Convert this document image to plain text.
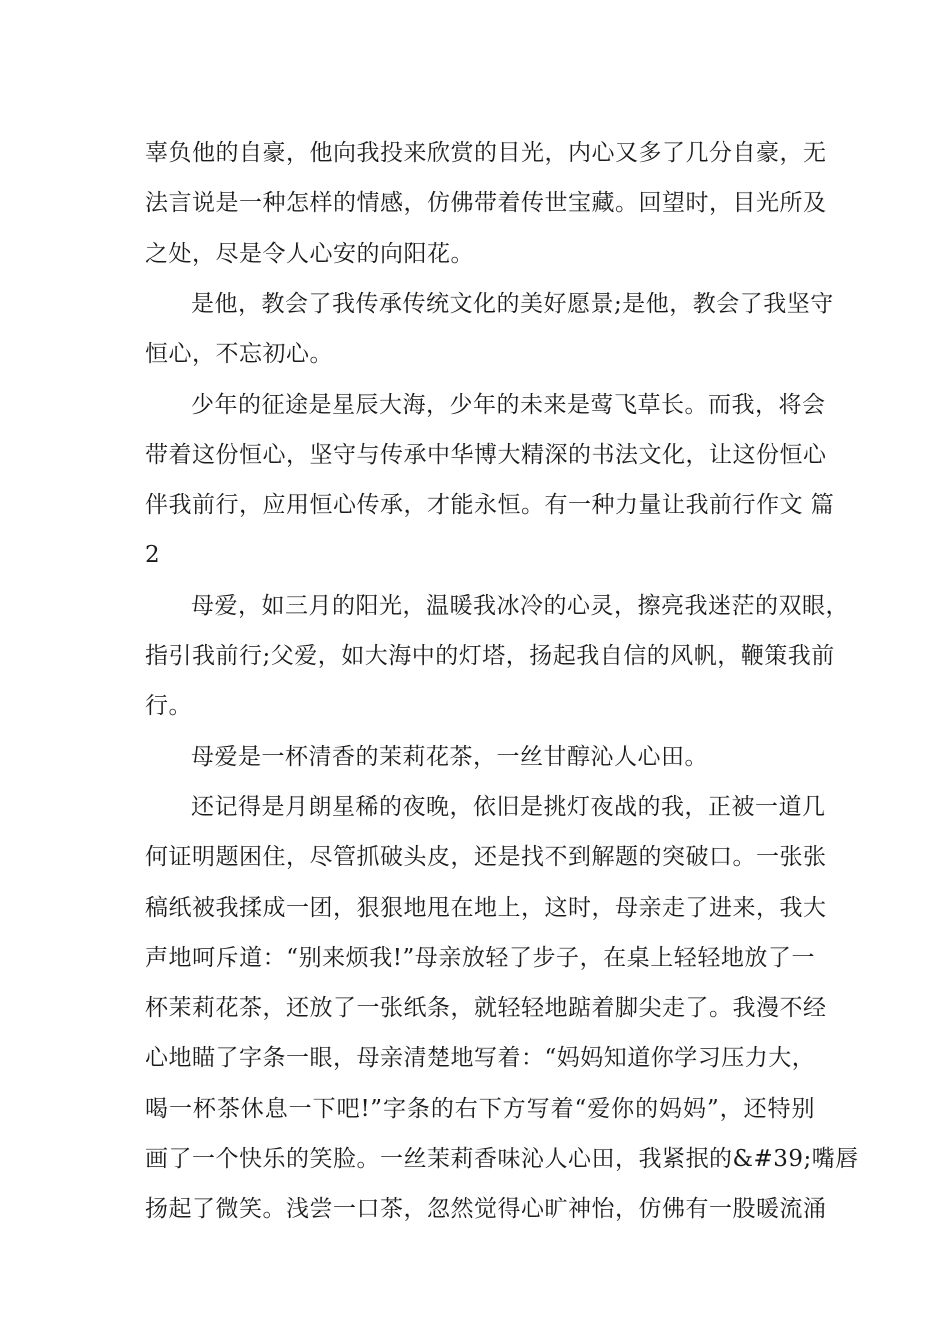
辜负他的自豪，他向我投来欣赏的目光，内心又多了几分自豪，无
法言说是一种怎样的情感，仿佛带着传世宝藏。回望时，目光所及
之处，尽是令人心安的向阳花。
是他，教会了我传承传统文化的美好愿景;是他，教会了我坚守
恒心，不忘初心。
少年的征途是星辰大海，少年的未来是莺飞草长。而我，将会
带着这份恒心，坚守与传承中华博大精深的书法文化，让这份恒心
伴我前行，应用恒心传承，才能永恒。有一种力量让我前行作文 篇
2
母爱，如三月的阳光，温暖我冰冷的心灵，擦亮我迷茫的双眼，
指引我前行;父爱，如大海中的灯塔，扬起我自信的风帆，鞭策我前
行。
母爱是一杯清香的茉莉花茶，一丝甘醇沁人心田。
还记得是月朗星稀的夜晚，依旧是挑灯夜战的我，正被一道几
何证明题困住，尽管抓破头皮，还是找不到解题的突破口。一张张
稿纸被我揉成一团，狠狠地甩在地上，这时，母亲走了进来，我大
声地呵斥道：“别来烦我!”母亲放轻了步子，在桌上轻轻地放了一
杯茉莉花茶，还放了一张纸条，就轻轻地踮着脚尖走了。我漫不经
心地瞄了字条一眼，母亲清楚地写着：“妈妈知道你学习压力大，
喝一杯茶休息一下吧!”字条的右下方写着“爱你的妈妈”，还特别
画了一个快乐的笑脸。一丝茉莉香味沁人心田，我紧抿的&#39;嘴唇
扬起了微笑。浅尝一口茶，忽然觉得心旷神怡，仿佛有一股暖流涌
